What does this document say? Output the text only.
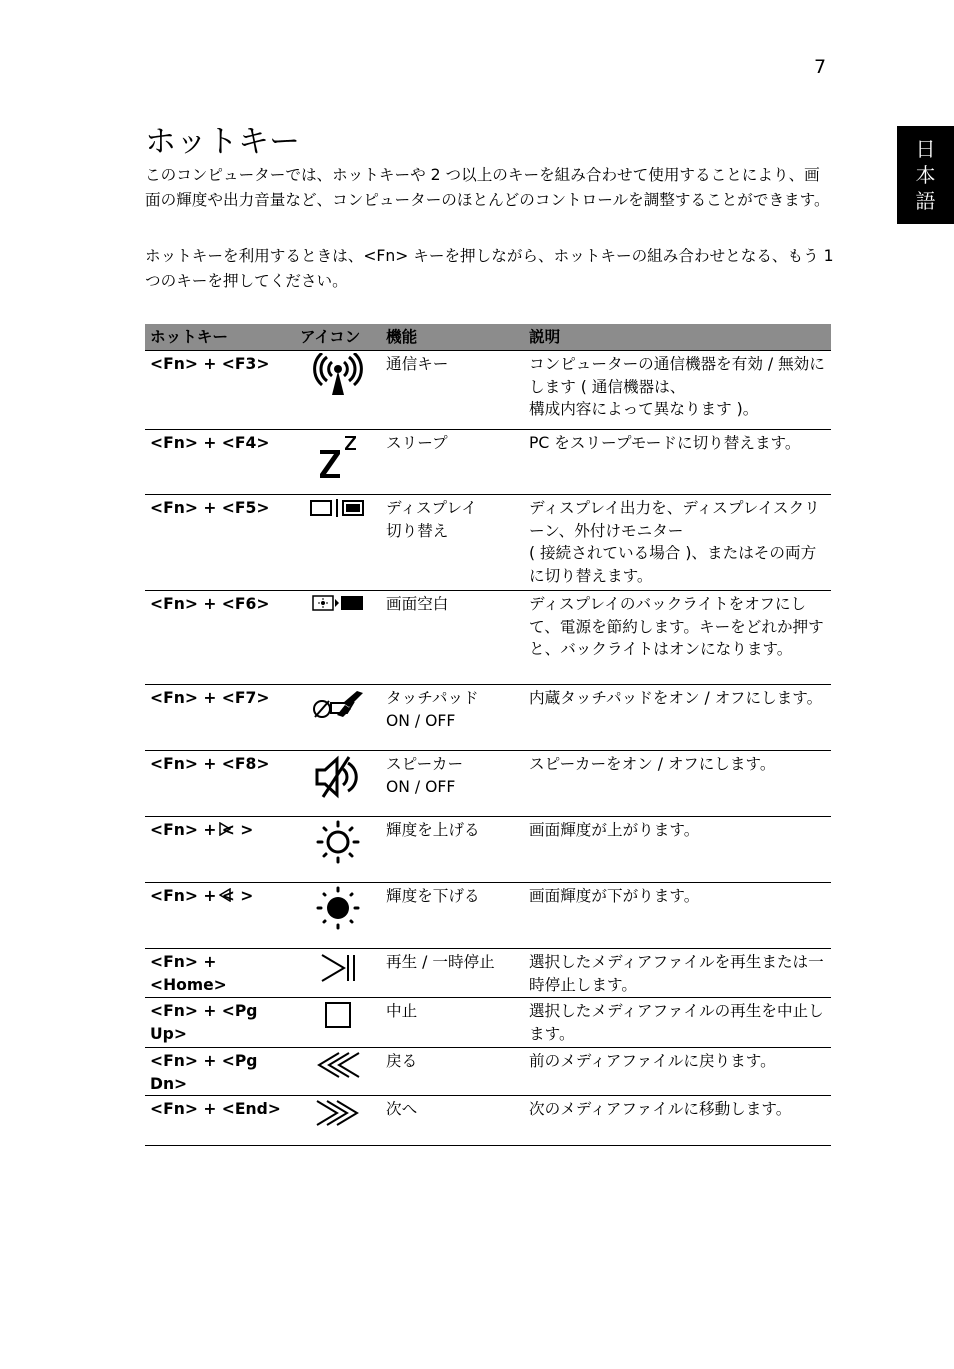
7
日
本
語
ホットキー

このコンピューターでは、ホットキーや 2 つ以上のキーを組み合わせて使用することにより、画面の輝度や出力音量など、コンピューターのほとんどのコントロールを調整することができます。

ホットキーを利用するときは、<Fn> キーを押しながら、ホットキーの組み合わせとなる、もう 1 つのキーを押してください。

ホットキー	アイコン	機能	説明
<Fn> + <F3>		通信キー	コンピューターの通信機器を有効 / 無効にします ( 通信機器は、
構成内容によって異なります )。
<Fn> + <F4>		スリープ	PC をスリープモードに切り替えます。
<Fn> + <F5>		ディスプレイ
切り替え	ディスプレイ出力を、ディスプレイスクリーン、外付けモニター
( 接続されている場合 )、またはその両方に切り替えます。
<Fn> + <F6>		画面空白	ディスプレイのバックライトをオフにして、電源を節約します。キーをどれか押すと、バックライトはオンになります。
<Fn> + <F7>		タッチパッド
ON / OFF	内蔵タッチパッドをオン / オフにします。
<Fn> + <F8>		スピーカー
ON / OFF	スピーカーをオン / オフにします。
<Fn> + < >		輝度を上げる	画面輝度が上がります。
<Fn> + < >		輝度を下げる	画面輝度が下がります。
<Fn> + <Home>		再生 / 一時停止	選択したメディアファイルを再生または一時停止します。
<Fn> + <Pg Up>		中止	選択したメディアファイルの再生を中止します。
<Fn> + <Pg Dn>		戻る	前のメディアファイルに戻ります。
<Fn> + <End>		次へ	次のメディアファイルに移動します。
